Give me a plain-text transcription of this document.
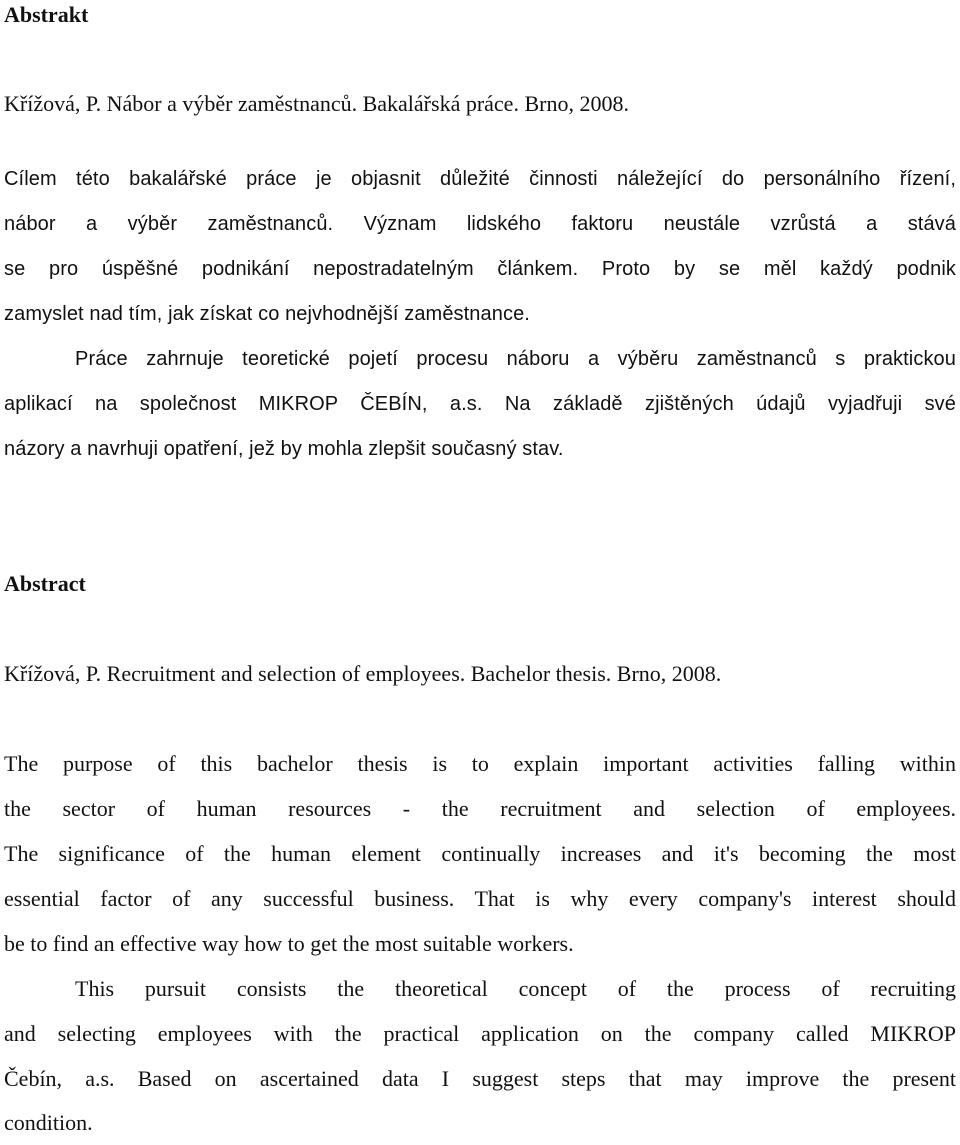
Abstrakt
Křížová, P. Nábor a výběr zaměstnanců. Bakalářská práce. Brno, 2008.
Cílem této bakalářské práce je objasnit důležité činnosti náležející do personálního řízení,
nábor a výběr zaměstnanců. Význam lidského faktoru neustále vzrůstá a stává
se pro úspěšné podnikání nepostradatelným článkem. Proto by se měl každý podnik
zamyslet nad tím, jak získat co nejvhodnější zaměstnance.
Práce zahrnuje teoretické pojetí procesu náboru a výběru zaměstnanců s praktickou
aplikací na společnost MIKROP ČEBÍN, a.s. Na základě zjištěných údajů vyjadřuji své
názory a navrhuji opatření, jež by mohla zlepšit současný stav.
Abstract
Křížová, P. Recruitment and selection of employees. Bachelor thesis. Brno, 2008.
The purpose of this bachelor thesis is to explain important activities falling within
the sector of human resources - the recruitment and selection of employees.
The significance of the human element continually increases and it's becoming the most
essential factor of any successful business. That is why every company's interest should
be to find an effective way how to get the most suitable workers.
This pursuit consists the theoretical concept of the process of recruiting
and selecting employees with the practical application on the company called MIKROP
Čebín, a.s. Based on ascertained data I suggest steps that may improve the present
condition.
